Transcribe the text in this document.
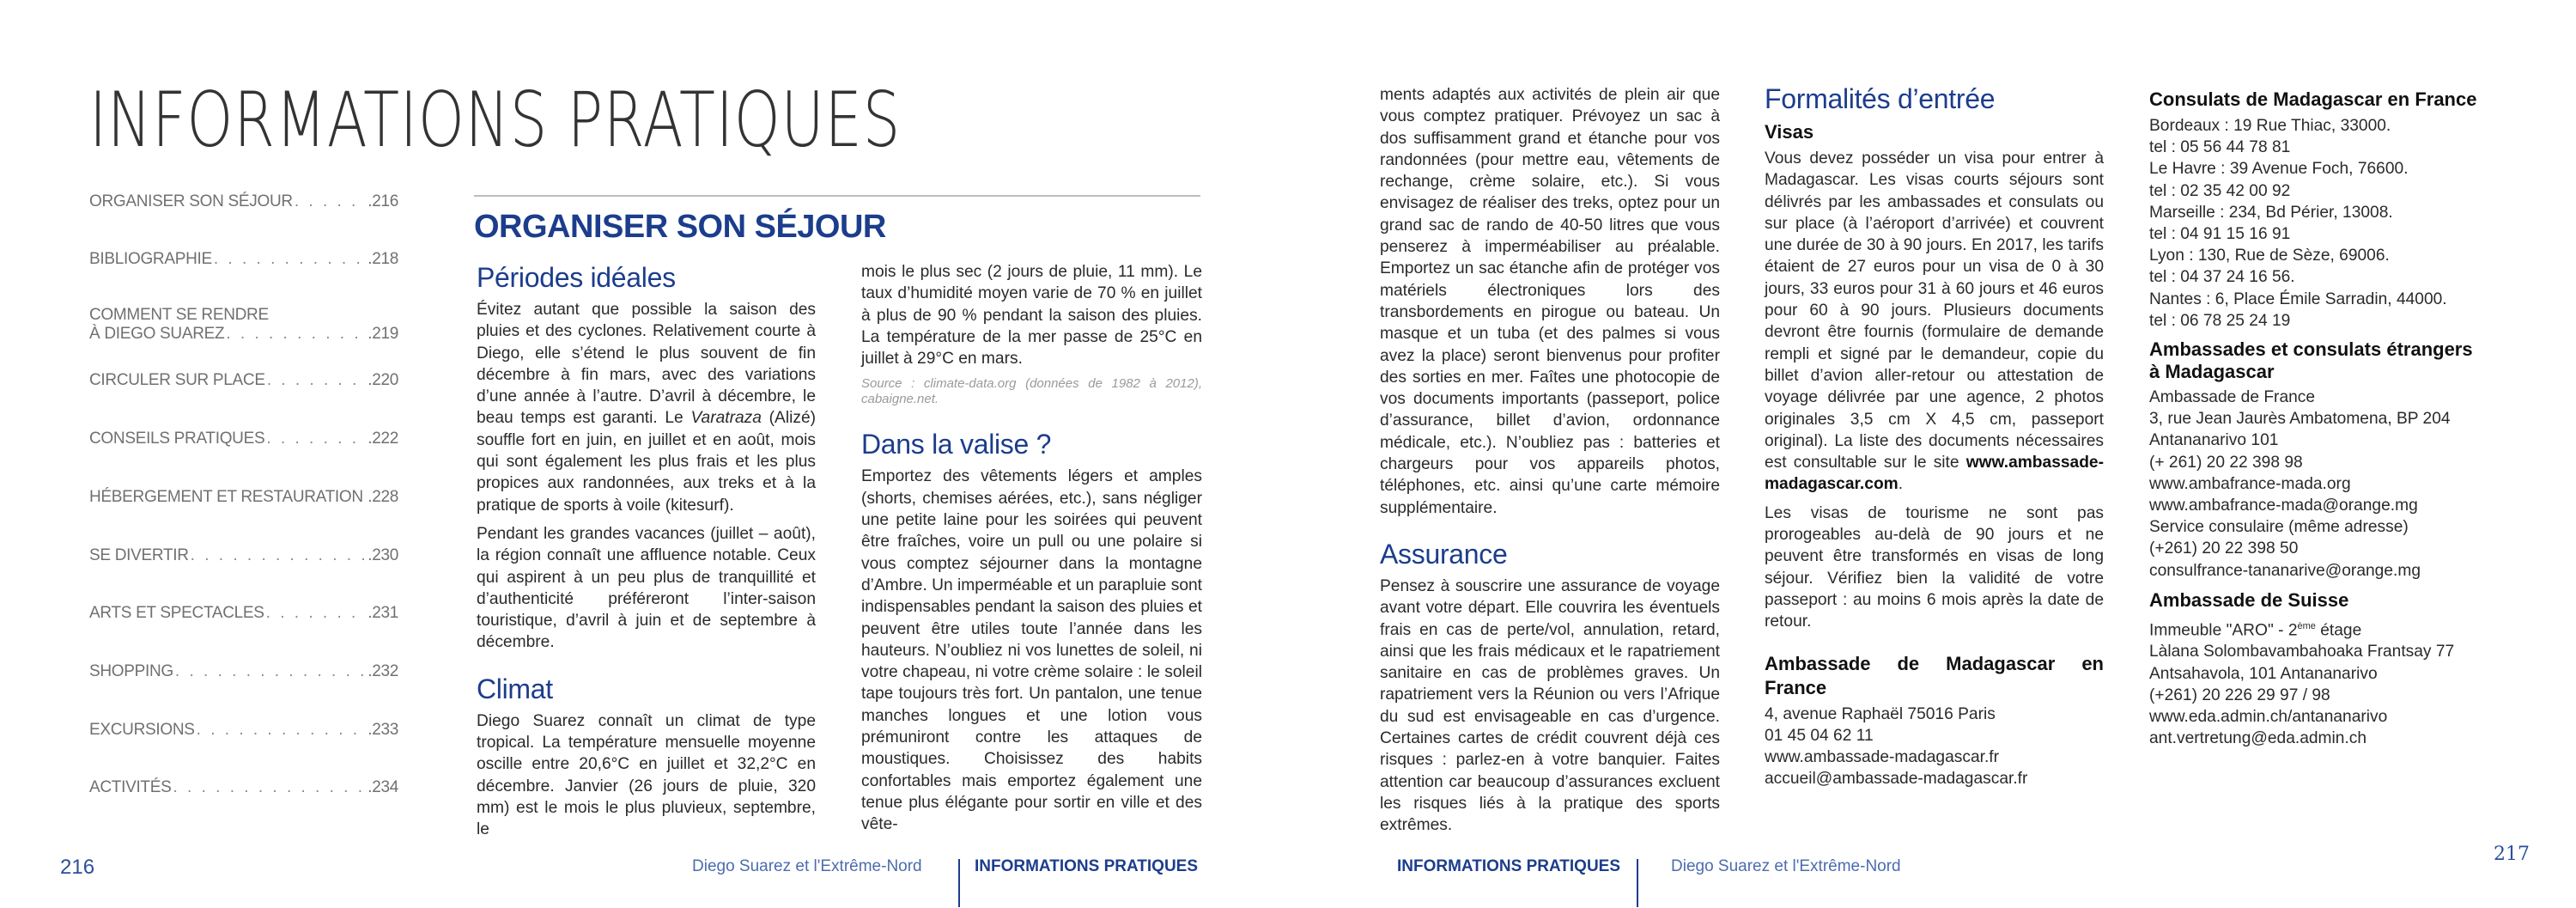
INFORMATIONS PRATIQUES
ORGANISER SON SÉJOUR . . .	.216
BIBLIOGRAPHIE . . .	.218
COMMENT SE RENDRE
À DIEGO SUAREZ . . .	.219
CIRCULER SUR PLACE . . .	.220
CONSEILS PRATIQUES . . .	.222
HÉBERGEMENT ET RESTAURATION . . . .228
SE DIVERTIR . . .	.230
ARTS ET SPECTACLES . . .	.231
SHOPPING . . .	.232
EXCURSIONS . . .	.233
ACTIVITÉS . . .	.234
ORGANISER SON SÉJOUR
Périodes idéales

Évitez autant que possible la saison des pluies et des cyclones. Relativement courte à Diego, elle s’étend le plus souvent de fin décembre à fin mars, avec des variations d’une année à l’autre. D’avril à décembre, le beau temps est garanti. Le Varatraza (Alizé) souffle fort en juin, en juillet et en août, mois qui sont également les plus frais et les plus propices aux randonnées, aux treks et à la pratique de sports à voile (kitesurf).

Pendant les grandes vacances (juillet – août), la région connaît une affluence notable. Ceux qui aspirent à un peu plus de tranquillité et d’authenticité préféreront l’inter-saison touristique, d’avril à juin et de septembre à décembre.

Climat

Diego Suarez connaît un climat de type tropical. La température mensuelle moyenne oscille entre 20,6°C en juillet et 32,2°C en décembre. Janvier (26 jours de pluie, 320 mm) est le mois le plus pluvieux, septembre, le

mois le plus sec (2 jours de pluie, 11 mm). Le taux d’humidité moyen varie de 70 % en juillet à plus de 90 % pendant la saison des pluies. La température de la mer passe de 25°C en juillet à 29°C en mars.

Source : climate-data.org (données de 1982 à 2012), cabaigne.net.
Dans la valise ?

Emportez des vêtements légers et amples (shorts, chemises aérées, etc.), sans négliger une petite laine pour les soirées qui peuvent être fraîches, voire un pull ou une polaire si vous comptez séjourner dans la montagne d’Ambre. Un imperméable et un parapluie sont indispensables pendant la saison des pluies et peuvent être utiles toute l’année dans les hauteurs. N’oubliez ni vos lunettes de soleil, ni votre chapeau, ni votre crème solaire : le soleil tape toujours très fort. Un pantalon, une tenue manches longues et une lotion vous prémuniront contre les attaques de moustiques. Choisissez des habits confortables mais emportez également une tenue plus élégante pour sortir en ville et des vête-

ments adaptés aux activités de plein air que vous comptez pratiquer. Prévoyez un sac à dos suffisamment grand et étanche pour vos randonnées (pour mettre eau, vêtements de rechange, crème solaire, etc.). Si vous envisagez de réaliser des treks, optez pour un grand sac de rando de 40-50 litres que vous penserez à imperméabiliser au préalable. Emportez un sac étanche afin de protéger vos matériels électroniques lors des transbordements en pirogue ou bateau. Un masque et un tuba (et des palmes si vous avez la place) seront bienvenus pour profiter des sorties en mer. Faîtes une photocopie de vos documents importants (passeport, police d’assurance, billet d’avion, ordonnance médicale, etc.). N’oubliez pas : batteries et chargeurs pour vos appareils photos, téléphones, etc. ainsi qu’une carte mémoire supplémentaire.

Assurance

Pensez à souscrire une assurance de voyage avant votre départ. Elle couvrira les éventuels frais en cas de perte/vol, annulation, retard, ainsi que les frais médicaux et le rapatriement sanitaire en cas de problèmes graves. Un rapatriement vers la Réunion ou vers l’Afrique du sud est envisageable en cas d’urgence. Certaines cartes de crédit couvrent déjà ces risques : parlez-en à votre banquier. Faites attention car beaucoup d’assurances excluent les risques liés à la pratique des sports extrêmes.

Formalités d’entrée
Visas

Vous devez posséder un visa pour entrer à Madagascar. Les visas courts séjours sont délivrés par les ambassades et consulats ou sur place (à l’aéroport d’arrivée) et couvrent une durée de 30 à 90 jours. En 2017, les tarifs étaient de 27 euros pour un visa de 0 à 30 jours, 33 euros pour 31 à 60 jours et 46 euros pour 60 à 90 jours. Plusieurs documents devront être fournis (formulaire de demande rempli et signé par le demandeur, copie du billet d’avion aller-retour ou attestation de voyage délivrée par une agence, 2 photos originales 3,5 cm X 4,5 cm, passeport original). La liste des documents nécessaires est consultable sur le site www.ambassade-madagascar.com.

Les visas de tourisme ne sont pas prorogeables au-delà de 90 jours et ne peuvent être transformés en visas de long séjour. Vérifiez bien la validité de votre passeport : au moins 6 mois après la date de retour.

Ambassade de Madagascar en France
4, avenue Raphaël 75016 Paris
01 45 04 62 11
www.ambassade-madagascar.fr
accueil@ambassade-madagascar.fr
Consulats de Madagascar en France
Bordeaux : 19 Rue Thiac, 33000.
tel : 05 56 44 78 81
Le Havre : 39 Avenue Foch, 76600.
tel : 02 35 42 00 92
Marseille : 234, Bd Périer, 13008.
tel : 04 91 15 16 91
Lyon : 130, Rue de Sèze, 69006.
tel : 04 37 24 16 56.
Nantes : 6, Place Émile Sarradin, 44000.
tel : 06 78 25 24 19
Ambassades et consulats étrangers
à Madagascar
Ambassade de France
3, rue Jean Jaurès Ambatomena, BP 204
Antananarivo 101
(+ 261) 20 22 398 98
www.ambafrance-mada.org
www.ambafrance-mada@orange.mg
Service consulaire (même adresse)
(+261) 20 22 398 50
consulfrance-tananarive@orange.mg
Ambassade de Suisse
Immeuble "ARO" - 2ème étage
Làlana Solombavambahoaka Frantsay 77
Antsahavola, 101 Antananarivo
(+261) 20 226 29 97 / 98
www.eda.admin.ch/antananarivo
ant.vertretung@eda.admin.ch
216	Diego Suarez et l'Extrême-Nord	INFORMATIONS PRATIQUES	INFORMATIONS PRATIQUES	Diego Suarez et l'Extrême-Nord
217
